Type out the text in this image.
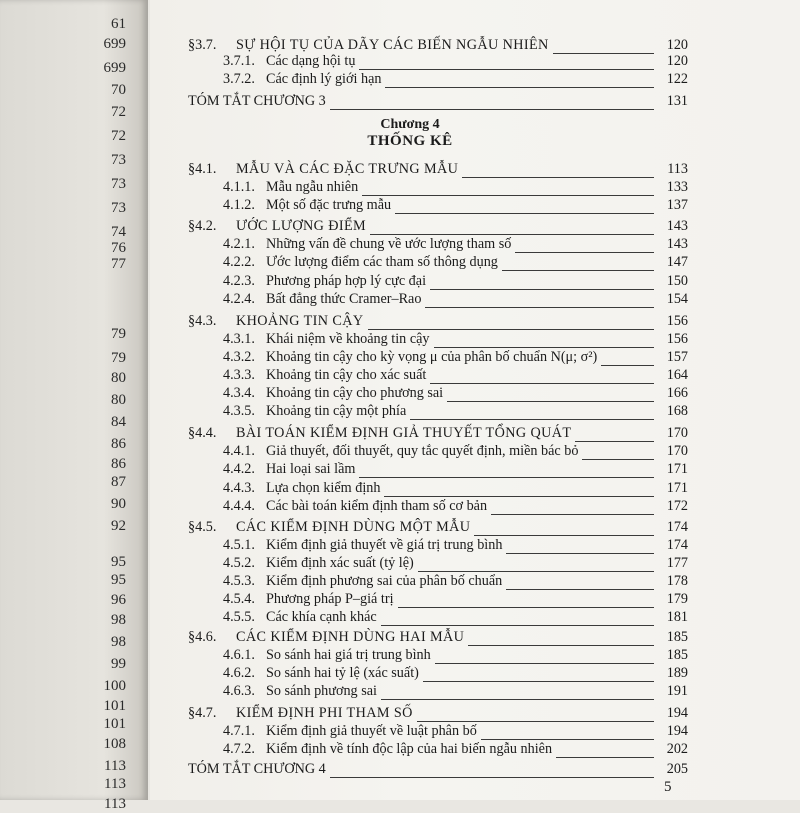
61
699
699
70
72
72
73
73
73
74
76
77
79
79
80
80
84
86
86
87
90
92
95
95
96
98
98
99
100
101
101
108
113
113
113
Chương 4
THỐNG KÊ
§3.7. SỰ HỘI TỤ CỦA DÃY CÁC BIẾN NGẪU NHIÊN	120
3.7.1. Các dạng hội tụ	120
3.7.2. Các định lý giới hạn	122
TÓM TẮT CHƯƠNG 3	131
§4.1. MẪU VÀ CÁC ĐẶC TRƯNG MẪU	113
4.1.1. Mẫu ngẫu nhiên	133
4.1.2. Một số đặc trưng mẫu	137
§4.2. ƯỚC LƯỢNG ĐIỂM	143
4.2.1. Những vấn đề chung về ước lượng tham số	143
4.2.2. Ước lượng điểm các tham số thông dụng	147
4.2.3. Phương pháp hợp lý cực đại	150
4.2.4. Bất đẳng thức Cramer–Rao	154
§4.3. KHOẢNG TIN CẬY	156
4.3.1. Khái niệm về khoảng tin cậy	156
4.3.2. Khoảng tin cậy cho kỳ vọng μ của phân bố chuẩn N(μ; σ²)	157
4.3.3. Khoảng tin cậy cho xác suất	164
4.3.4. Khoảng tin cậy cho phương sai	166
4.3.5. Khoảng tin cậy một phía	168
§4.4. BÀI TOÁN KIỂM ĐỊNH GIẢ THUYẾT TỔNG QUÁT	170
4.4.1. Giả thuyết, đối thuyết, quy tắc quyết định, miền bác bỏ	170
4.4.2. Hai loại sai lầm	171
4.4.3. Lựa chọn kiểm định	171
4.4.4. Các bài toán kiểm định tham số cơ bản	172
§4.5. CÁC KIỂM ĐỊNH DÙNG MỘT MẪU	174
4.5.1. Kiểm định giả thuyết về giá trị trung bình	174
4.5.2. Kiểm định xác suất (tỷ lệ)	177
4.5.3. Kiểm định phương sai của phân bố chuẩn	178
4.5.4. Phương pháp P–giá trị	179
4.5.5. Các khía cạnh khác	181
§4.6. CÁC KIỂM ĐỊNH DÙNG HAI MẪU	185
4.6.1. So sánh hai giá trị trung bình	185
4.6.2. So sánh hai tỷ lệ (xác suất)	189
4.6.3. So sánh phương sai	191
§4.7. KIỂM ĐỊNH PHI THAM SỐ	194
4.7.1. Kiểm định giả thuyết về luật phân bố	194
4.7.2. Kiểm định về tính độc lập của hai biến ngẫu nhiên	202
TÓM TẮT CHƯƠNG 4	205
5
